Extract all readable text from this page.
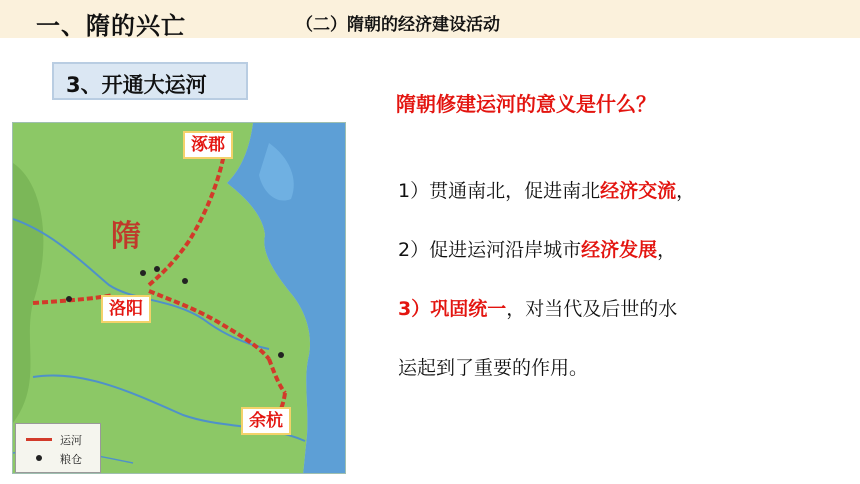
一、隋的兴亡	（二）隋朝的经济建设活动
3、开通大运河
隋
涿郡
洛阳
余杭
运河
粮仓
隋朝修建运河的意义是什么？
1）贯通南北，促进南北经济交流，
2）促进运河沿岸城市经济发展，
3）巩固统一，对当代及后世的水
运起到了重要的作用。
